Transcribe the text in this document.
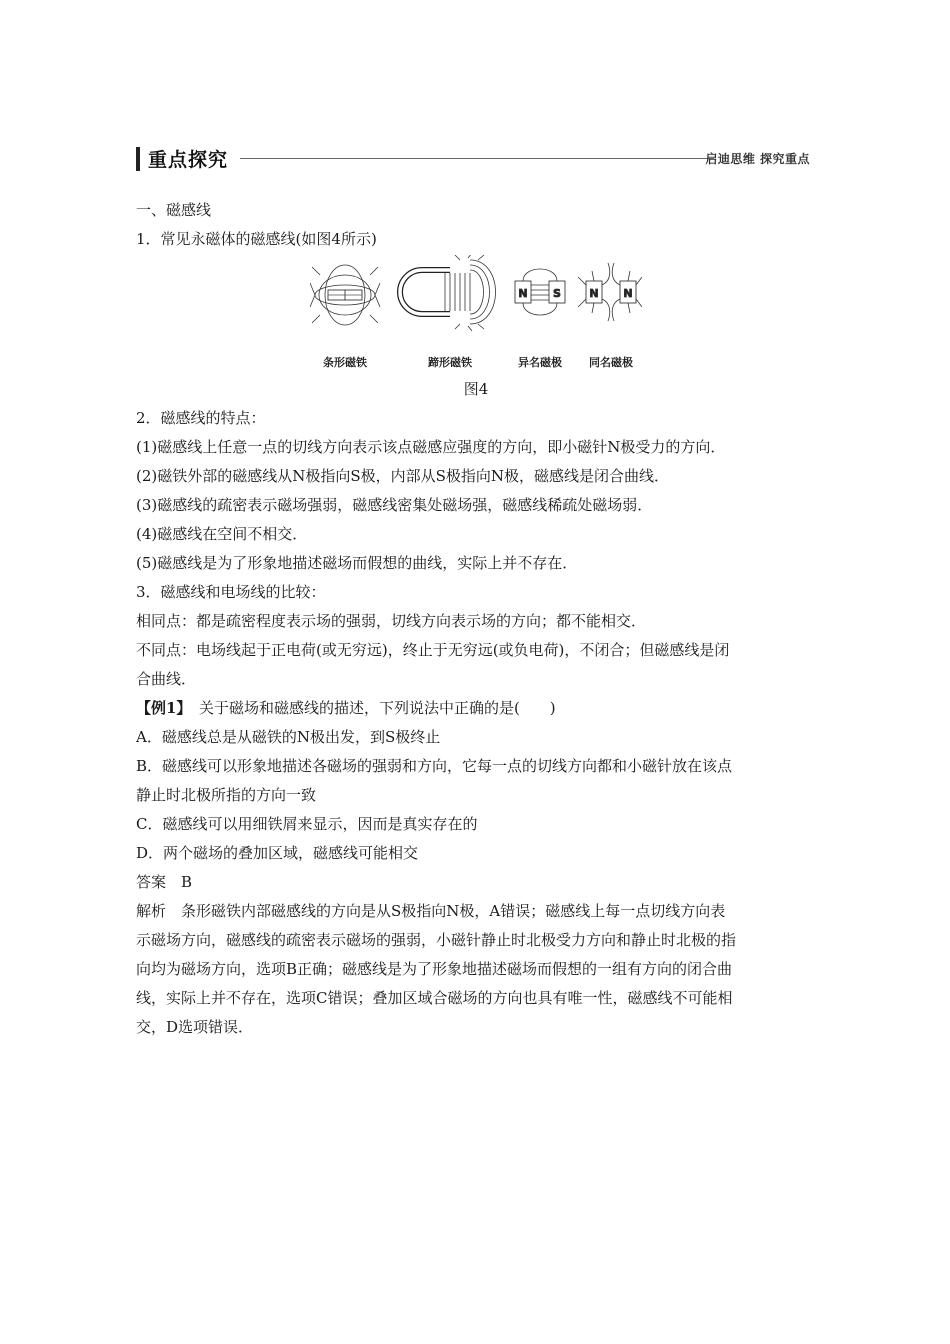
重点探究	启迪思维 探究重点

一、磁感线

1．常见永磁体的磁感线(如图4所示)

N S	N N
条形磁铁	蹄形磁铁	异名磁极 同名磁极

图4

2．磁感线的特点：

(1)磁感线上任意一点的切线方向表示该点磁感应强度的方向，即小磁针N极受力的方向．

(2)磁铁外部的磁感线从N极指向S极，内部从S极指向N极，磁感线是闭合曲线．

(3)磁感线的疏密表示磁场强弱，磁感线密集处磁场强，磁感线稀疏处磁场弱．

(4)磁感线在空间不相交．

(5)磁感线是为了形象地描述磁场而假想的曲线，实际上并不存在．

3．磁感线和电场线的比较：

相同点：都是疏密程度表示场的强弱，切线方向表示场的方向；都不能相交．

不同点：电场线起于正电荷(或无穷远)，终止于无穷远(或负电荷)，不闭合；但磁感线是闭

合曲线．

【例1】　 关于磁场和磁感线的描述，下列说法中正确的是(　　)

A．磁感线总是从磁铁的N极出发，到S极终止

B．磁感线可以形象地描述各磁场的强弱和方向，它每一点的切线方向都和小磁针放在该点

静止时北极所指的方向一致

C．磁感线可以用细铁屑来显示，因而是真实存在的

D．两个磁场的叠加区域，磁感线可能相交

答案　B

解析　条形磁铁内部磁感线的方向是从S极指向N极，A错误；磁感线上每一点切线方向表

示磁场方向，磁感线的疏密表示磁场的强弱，小磁针静止时北极受力方向和静止时北极的指

向均为磁场方向，选项B正确；磁感线是为了形象地描述磁场而假想的一组有方向的闭合曲

线，实际上并不存在，选项C错误；叠加区域合磁场的方向也具有唯一性，磁感线不可能相

交，D选项错误．
